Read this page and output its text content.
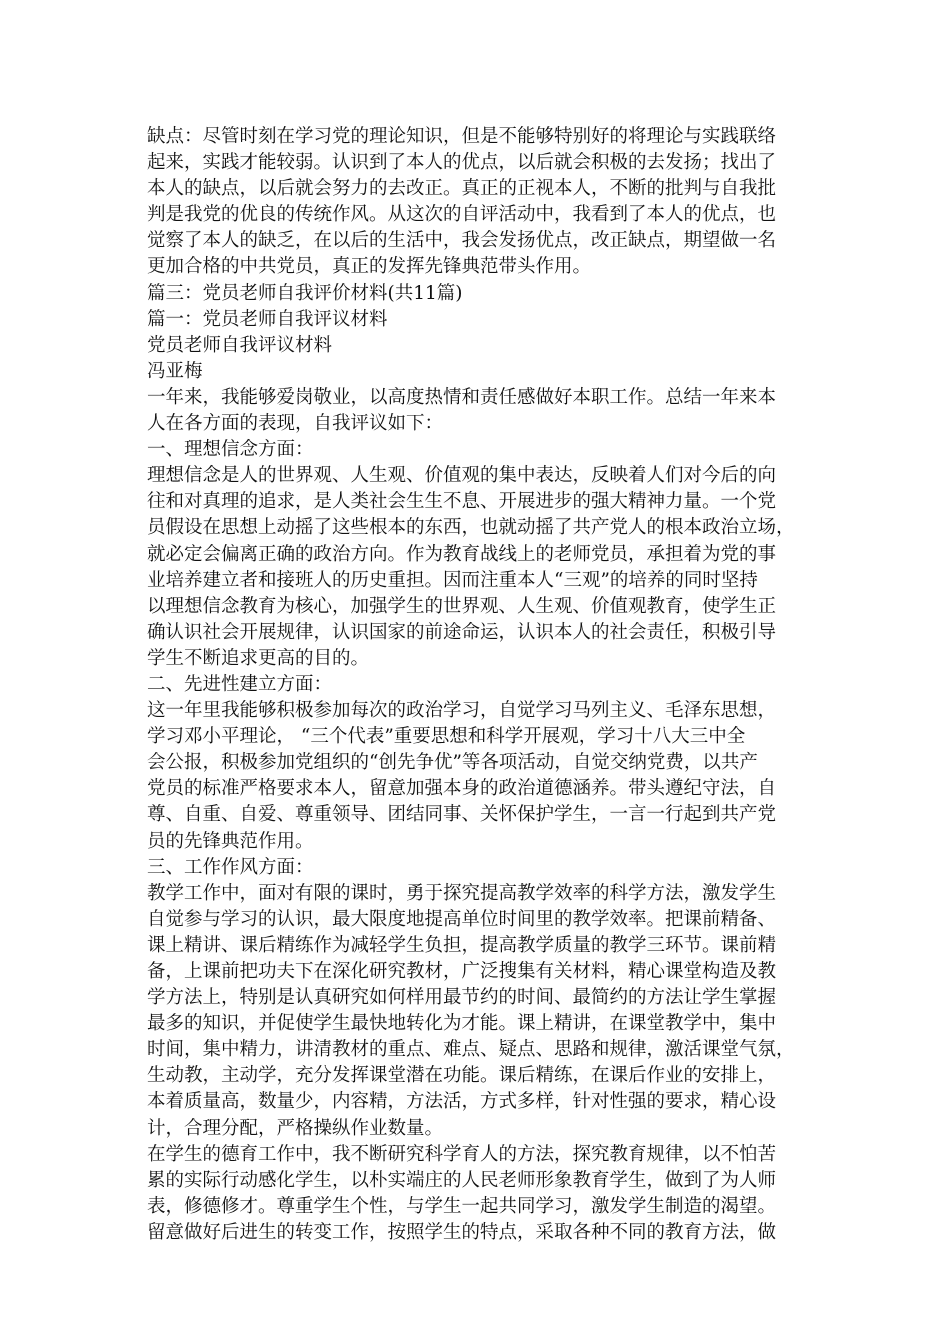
缺点：尽管时刻在学习党的理论知识，但是不能够特别好的将理论与实践联络
起来，实践才能较弱。认识到了本人的优点，以后就会积极的去发扬；找出了
本人的缺点，以后就会努力的去改正。真正的正视本人，不断的批判与自我批
判是我党的优良的传统作风。从这次的自评活动中，我看到了本人的优点，也
觉察了本人的缺乏，在以后的生活中，我会发扬优点，改正缺点，期望做一名
更加合格的中共党员，真正的发挥先锋典范带头作用。
篇三：党员老师自我评价材料(共11篇)
篇一：党员老师自我评议材料
党员老师自我评议材料
冯亚梅
一年来，我能够爱岗敬业，以高度热情和责任感做好本职工作。总结一年来本
人在各方面的表现，自我评议如下：
一、理想信念方面：
理想信念是人的世界观、人生观、价值观的集中表达，反映着人们对今后的向
往和对真理的追求，是人类社会生生不息、开展进步的强大精神力量。一个党
员假设在思想上动摇了这些根本的东西，也就动摇了共产党人的根本政治立场，
就必定会偏离正确的政治方向。作为教育战线上的老师党员，承担着为党的事
业培养建立者和接班人的历史重担。因而注重本人“三观”的培养的同时坚持
以理想信念教育为核心，加强学生的世界观、人生观、价值观教育，使学生正
确认识社会开展规律，认识国家的前途命运，认识本人的社会责任，积极引导
学生不断追求更高的目的。
二、先进性建立方面：
这一年里我能够积极参加每次的政治学习，自觉学习马列主义、毛泽东思想，
学习邓小平理论， “三个代表”重要思想和科学开展观，学习十八大三中全
会公报，积极参加党组织的“创先争优”等各项活动，自觉交纳党费，以共产
党员的标准严格要求本人，留意加强本身的政治道德涵养。带头遵纪守法，自
尊、自重、自爱、尊重领导、团结同事、关怀保护学生，一言一行起到共产党
员的先锋典范作用。
三、工作作风方面：
教学工作中，面对有限的课时，勇于探究提高教学效率的科学方法，激发学生
自觉参与学习的认识，最大限度地提高单位时间里的教学效率。把课前精备、
课上精讲、课后精练作为减轻学生负担，提高教学质量的教学三环节。课前精
备，上课前把功夫下在深化研究教材，广泛搜集有关材料，精心课堂构造及教
学方法上，特别是认真研究如何样用最节约的时间、最简约的方法让学生掌握
最多的知识，并促使学生最快地转化为才能。课上精讲，在课堂教学中，集中
时间，集中精力，讲清教材的重点、难点、疑点、思路和规律，激活课堂气氛，
生动教，主动学，充分发挥课堂潜在功能。课后精练，在课后作业的安排上，
本着质量高，数量少，内容精，方法活，方式多样，针对性强的要求，精心设
计，合理分配，严格操纵作业数量。
在学生的德育工作中，我不断研究科学育人的方法，探究教育规律，以不怕苦
累的实际行动感化学生，以朴实端庄的人民老师形象教育学生，做到了为人师
表，修德修才。尊重学生个性，与学生一起共同学习，激发学生制造的渴望。
留意做好后进生的转变工作，按照学生的特点，采取各种不同的教育方法，做
